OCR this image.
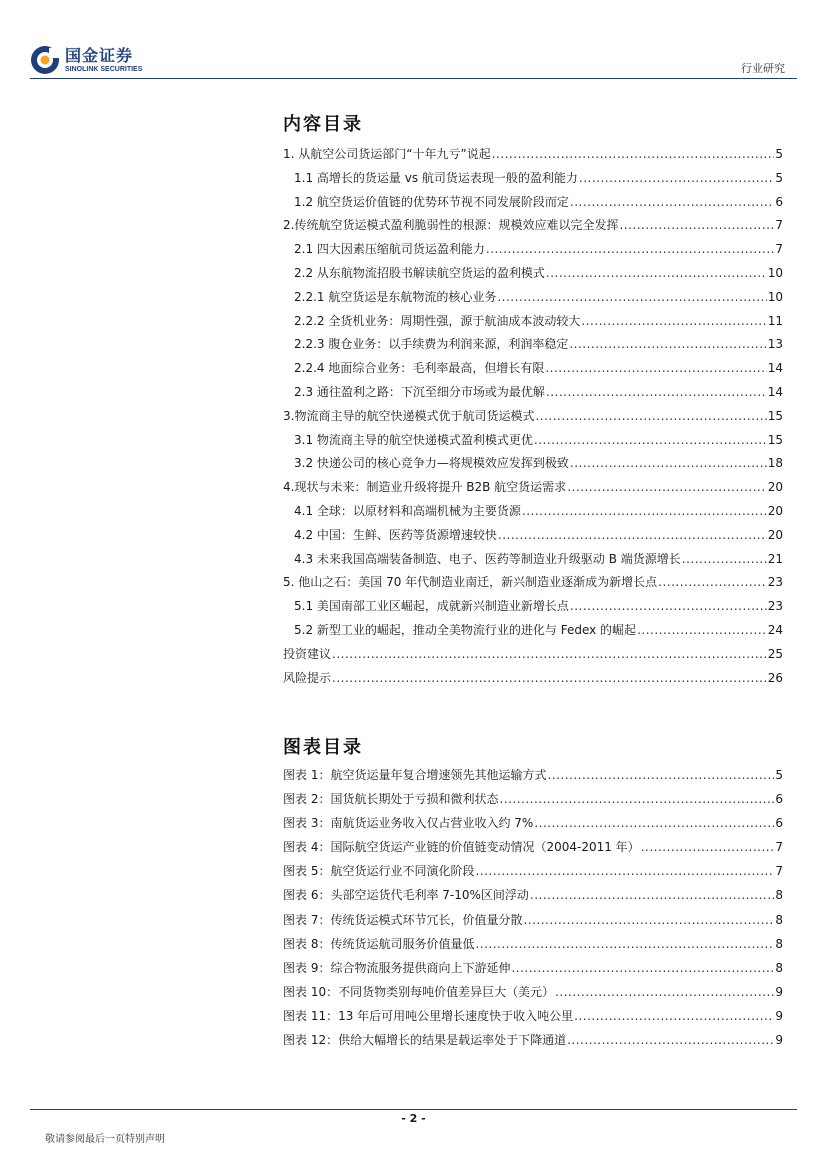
国金证券
SINOLINK SECURITIES	行业研究
内容目录
1. 从航空公司货运部门“十年九亏”说起 .....	5
1.1 高增长的货运量 vs 航司货运表现一般的盈利能力 .....	5
1.2 航空货运价值链的优势环节视不同发展阶段而定 .....	6
2.传统航空货运模式盈利脆弱性的根源：规模效应难以完全发挥 .....	7
2.1 四大因素压缩航司货运盈利能力 .....	7
2.2 从东航物流招股书解读航空货运的盈利模式 .....	10
2.2.1 航空货运是东航物流的核心业务 .....	10
2.2.2 全货机业务：周期性强，源于航油成本波动较大 .....	11
2.2.3 腹仓业务：以手续费为利润来源，利润率稳定 .....	13
2.2.4 地面综合业务：毛利率最高，但增长有限 .....	14
2.3 通往盈利之路：下沉至细分市场或为最优解 .....	14
3.物流商主导的航空快递模式优于航司货运模式 .....	15
3.1 物流商主导的航空快递模式盈利模式更优 .....	15
3.2 快递公司的核心竞争力—将规模效应发挥到极致 .....	18
4.现状与未来：制造业升级将提升 B2B 航空货运需求 .....	20
4.1 全球：以原材料和高端机械为主要货源 .....	20
4.2 中国：生鲜、医药等货源增速较快 .....	20
4.3 未来我国高端装备制造、电子、医药等制造业升级驱动 B 端货源增长 .....	21
5. 他山之石：美国 70 年代制造业南迁，新兴制造业逐渐成为新增长点 .....	23
5.1 美国南部工业区崛起，成就新兴制造业新增长点 .....	23
5.2 新型工业的崛起，推动全美物流行业的进化与 Fedex 的崛起 .....	24
投资建议 .....	25
风险提示 .....	26
图表目录
图表 1：航空货运量年复合增速领先其他运输方式 .....	5
图表 2：国货航长期处于亏损和微利状态 .....	6
图表 3：南航货运业务收入仅占营业收入约 7% .....	6
图表 4：国际航空货运产业链的价值链变动情况（2004-2011 年） .....	7
图表 5：航空货运行业不同演化阶段 .....	7
图表 6：头部空运货代毛利率 7-10%区间浮动 .....	8
图表 7：传统货运模式环节冗长，价值量分散 .....	8
图表 8：传统货运航司服务价值量低 .....	8
图表 9：综合物流服务提供商向上下游延伸 .....	8
图表 10：不同货物类别每吨价值差异巨大（美元） .....	9
图表 11：13 年后可用吨公里增长速度快于收入吨公里 .....	9
图表 12：供给大幅增长的结果是载运率处于下降通道 .....	9
- 2 -
敬请参阅最后一页特别声明
